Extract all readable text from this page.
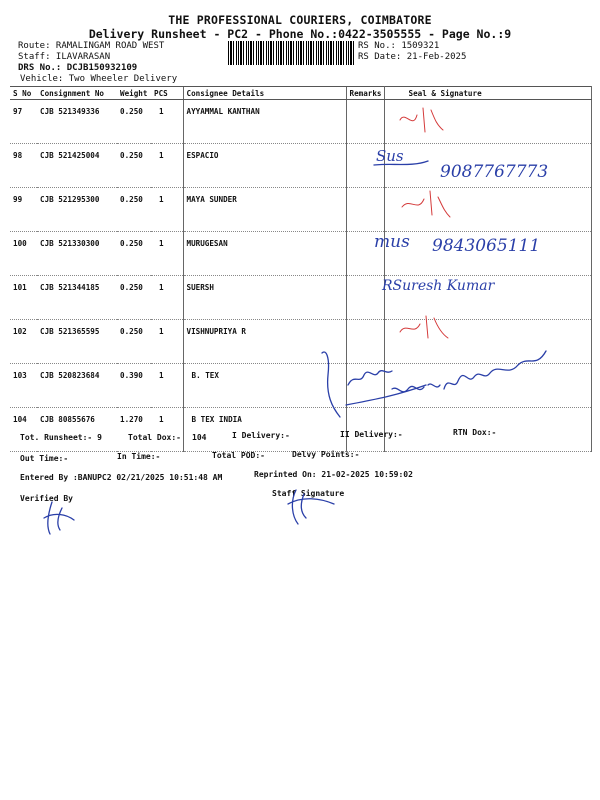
THE PROFESSIONAL COURIERS, COIMBATORE
Delivery Runsheet - PC2 - Phone No.:0422-3505555 - Page No.:9
Route: RAMALINGAM ROAD WEST
Staff: ILAVARASAN
DRS No.: DCJB150932109
Vehicle: Two Wheeler Delivery
RS No.: 1509321
RS Date: 21-Feb-2025
S No	Consignment No	Weight	PCS	Consignee Details	Remarks	Seal & Signature
97	CJB 521349336	0.250	1	AYYAMMAL KANTHAN		
98	CJB 521425004	0.250	1	ESPACIO		
99	CJB 521295300	0.250	1	MAYA SUNDER		
100	CJB 521330300	0.250	1	MURUGESAN		
101	CJB 521344185	0.250	1	SUERSH		
102	CJB 521365595	0.250	1	VISHNUPRIYA R		
103	CJB 520823684	0.390	1	B. TEX		
104	CJB 80855676	1.270	1	B TEX INDIA		
Sus
9087767773
mus 9843065111
RSuresh Kumar
Tot. Runsheet:- 9	Total Dox:- 104	I Delivery:-	II Delivery:-	RTN Dox:-
Out Time:-	In Time:-	Total POD:-	Delvy Points:-
Entered By :BANUPC2 02/21/2025 10:51:48 AM	Reprinted On: 21-02-2025 10:59:02
Verified By
Staff Signature
